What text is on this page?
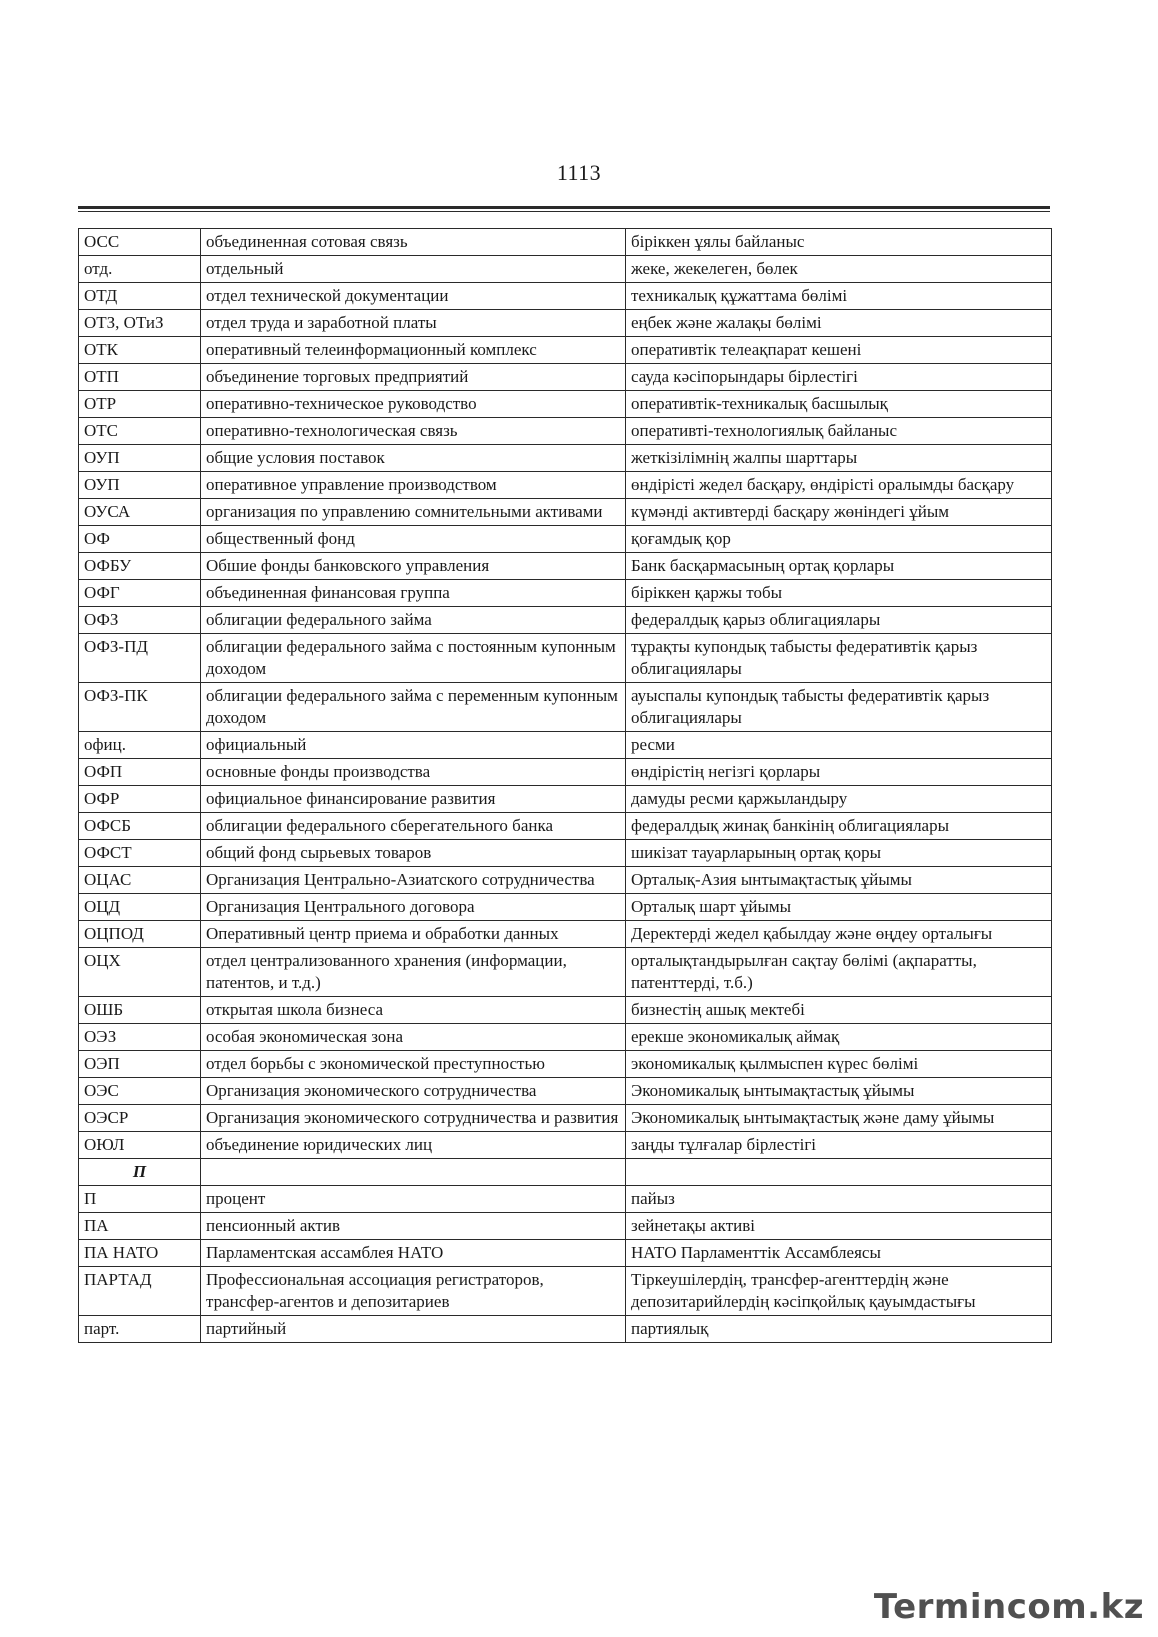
1113
ОСС	объединенная сотовая связь	біріккен ұялы байланыс
отд.	отдельный	жеке, жекелеген, бөлек
ОТД	отдел технической документации	техникалық құжаттама бөлімі
ОТЗ, ОТиЗ	отдел труда и заработной платы	еңбек және жалақы бөлімі
ОТК	оперативный телеинформационный комплекс	оперативтік телеақпарат кешені
ОТП	объединение торговых предприятий	сауда кәсіпорындары бірлестігі
ОТР	оперативно-техническое руководство	оперативтік-техникалық басшылық
ОТС	оперативно-технологическая связь	оперативті-технологиялық байланыс
ОУП	общие условия поставок	жеткізілімнің жалпы шарттары
ОУП	оперативное управление производством	өндірісті жедел басқару, өндірісті оралымды басқару
ОУСА	организация по управлению сомнительными активами	күмәнді активтерді басқару жөніндегі ұйым
ОФ	общественный фонд	қоғамдық қор
ОФБУ	Обшие фонды банковского управления	Банк басқармасының ортақ қорлары
ОФГ	объединенная финансовая группа	біріккен қаржы тобы
ОФЗ	облигации федерального займа	федералдық қарыз облигациялары
ОФЗ-ПД	облигации федерального займа с постоянным купонным доходом	тұрақты купондық табысты федеративтік қарыз облигациялары
ОФЗ-ПК	облигации федерального займа с переменным купонным доходом	ауыспалы купондық табысты федеративтік қарыз облигациялары
офиц.	официальный	ресми
ОФП	основные фонды производства	өндірістің негізгі қорлары
ОФР	официальное финансирование развития	дамуды ресми қаржыландыру
ОФСБ	облигации федерального сберегательного банка	федералдық жинақ банкінің облигациялары
ОФСТ	общий фонд сырьевых товаров	шикізат тауарларының ортақ қоры
ОЦАС	Организация Центрально-Азиатского сотрудничества	Орталық-Азия ынтымақтастық ұйымы
ОЦД	Организация Центрального договора	Орталық шарт ұйымы
ОЦПОД	Оперативный центр приема и обработки данных	Деректерді жедел қабылдау және өңдеу орталығы
ОЦХ	отдел централизованного хранения (информации, патентов, и т.д.)	орталықтандырылған сақтау бөлімі (ақпаратты, патенттерді, т.б.)
ОШБ	открытая школа бизнеса	бизнестің ашық мектебі
ОЭЗ	особая экономическая зона	ерекше экономикалық аймақ
ОЭП	отдел борьбы с экономической преступностью	экономикалық қылмыспен күрес бөлімі
ОЭС	Организация экономического сотрудничества	Экономикалық ынтымақтастық ұйымы
ОЭСР	Организация экономического сотрудничества и развития	Экономикалық ынтымақтастық және даму ұйымы
ОЮЛ	объединение юридических лиц	заңды тұлғалар бірлестігі
П		
П	процент	пайыз
ПА	пенсионный актив	зейнетақы активі
ПА НАТО	Парламентская ассамблея НАТО	НАТО Парламенттік Ассамблеясы
ПАРТАД	Профессиональная ассоциация регистраторов, трансфер-агентов и депозитариев	Тіркеушілердің, трансфер-агенттердің және депозитарийлердің кәсіпқойлық қауымдастығы
парт.	партийный	партиялық
Termincom.kz
